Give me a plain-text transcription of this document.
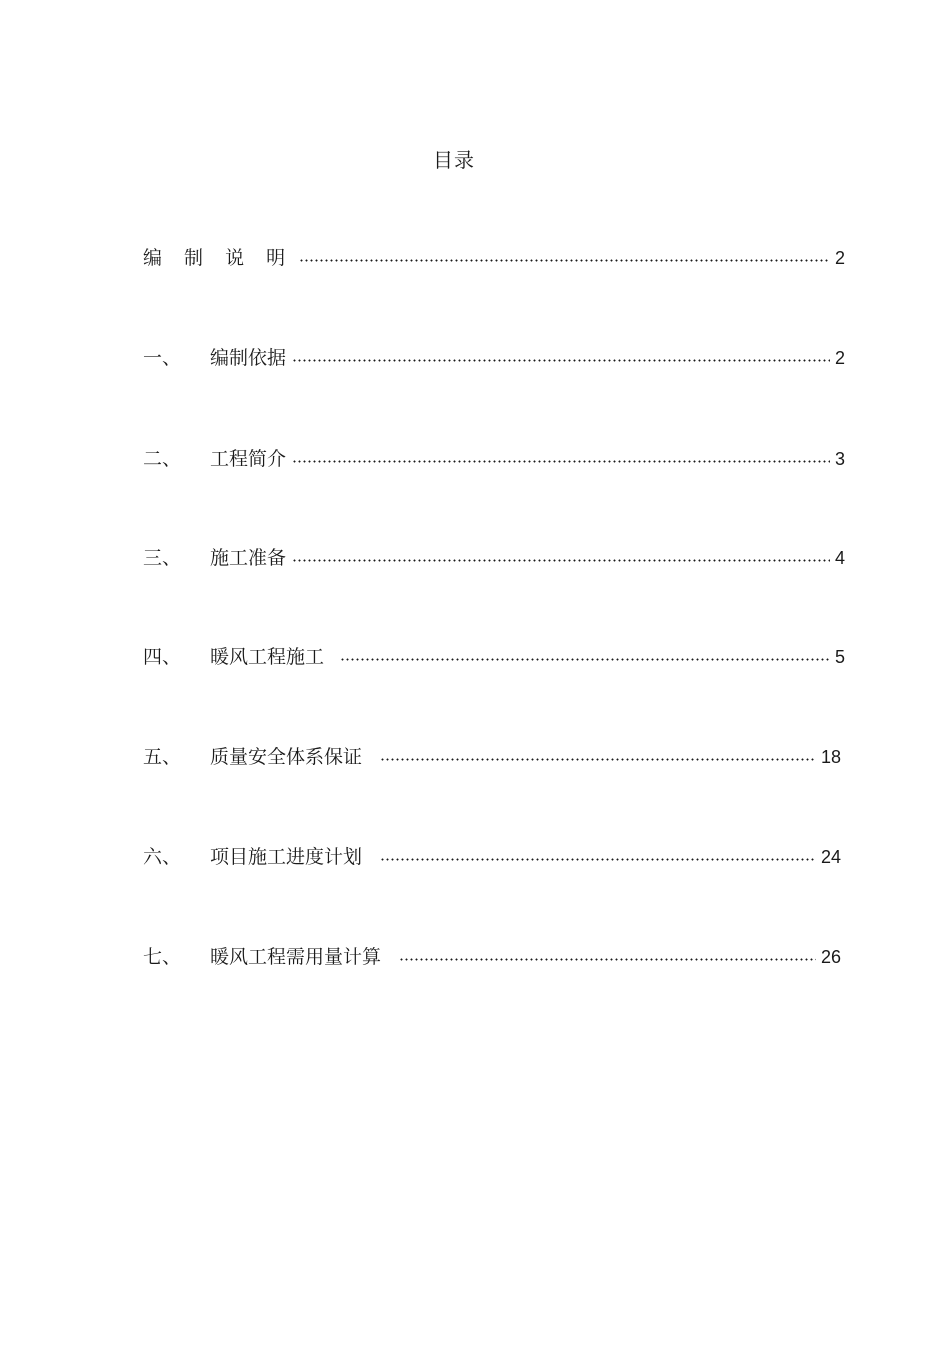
目录
编 制 说 明	2
一、	编制依据	2
二、	工程简介	3
三、	施工准备	4
四、	暖风工程施工	5
五、	质量安全体系保证	18
六、	项目施工进度计划	24
七、	暖风工程需用量计算	26
